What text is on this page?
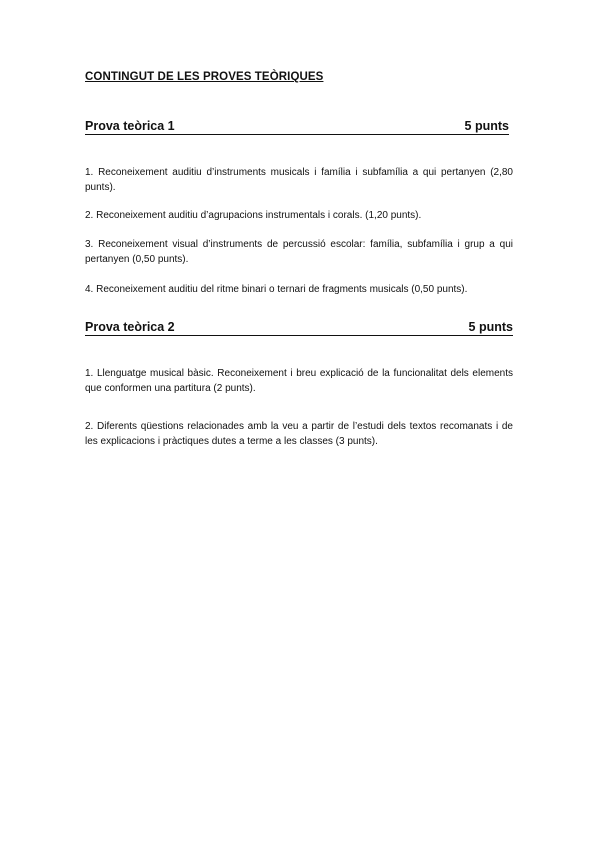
CONTINGUT DE LES PROVES TEÒRIQUES
Prova teòrica 1	5 punts

1. Reconeixement auditiu d’instruments musicals i família i subfamília a qui pertanyen (2,80 punts).

2. Reconeixement auditiu d’agrupacions instrumentals i corals. (1,20 punts).

3. Reconeixement visual d’instruments de percussió escolar: família, subfamília i grup a qui pertanyen (0,50 punts).

4. Reconeixement auditiu del ritme binari o ternari de fragments musicals (0,50 punts).

Prova teòrica 2	5 punts

1. Llenguatge musical bàsic. Reconeixement i breu explicació de la funcionalitat dels elements que conformen una partitura (2 punts).

2. Diferents qüestions relacionades amb la veu a partir de l’estudi dels textos recomanats i de les explicacions i pràctiques dutes a terme a les classes (3 punts).
